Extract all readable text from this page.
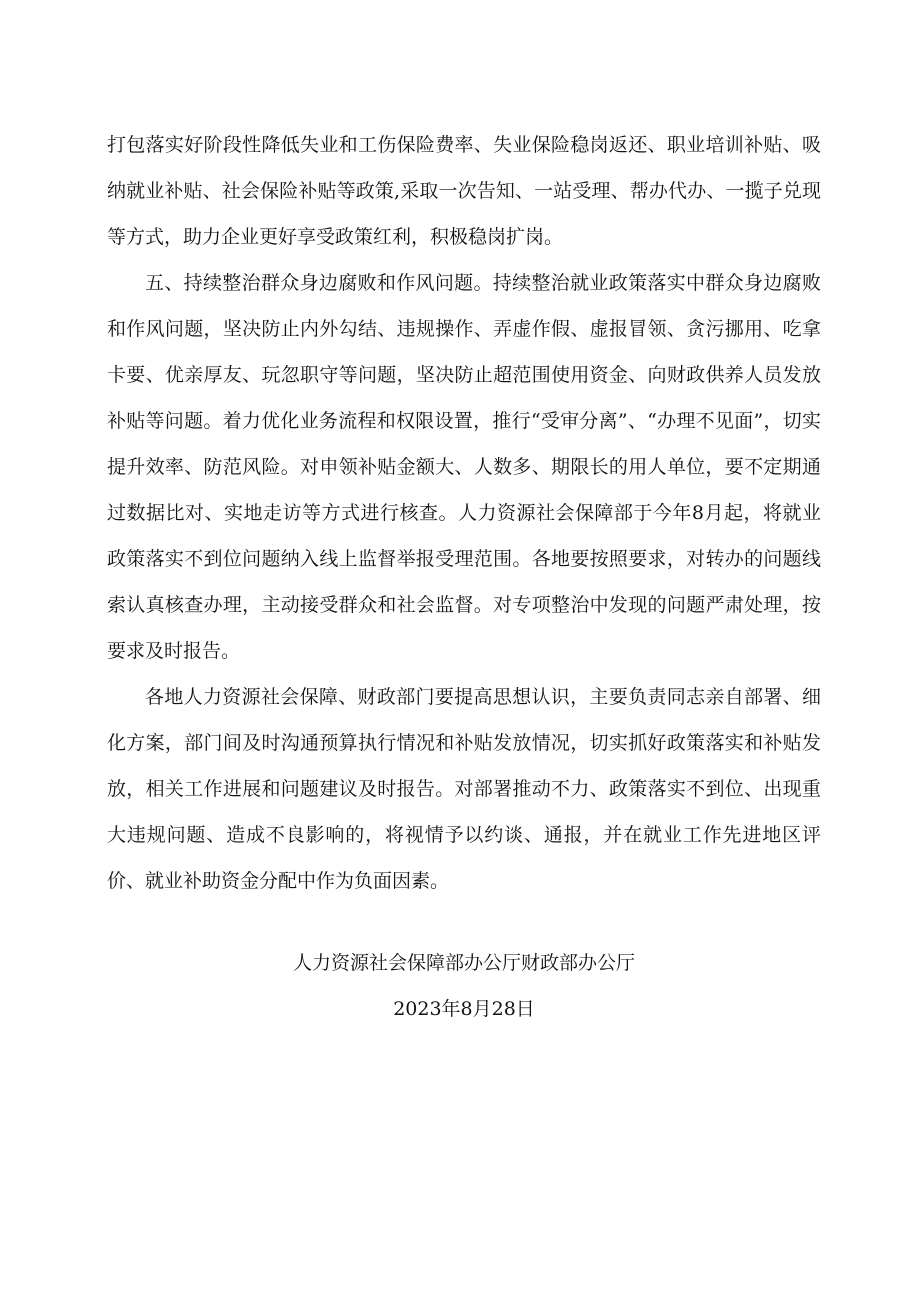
打包落实好阶段性降低失业和工伤保险费率、失业保险稳岗返还、职业培训补贴、吸纳就业补贴、社会保险补贴等政策,采取一次告知、一站受理、帮办代办、一揽子兑现等方式，助力企业更好享受政策红利，积极稳岗扩岗。

五、持续整治群众身边腐败和作风问题。持续整治就业政策落实中群众身边腐败和作风问题，坚决防止内外勾结、违规操作、弄虚作假、虚报冒领、贪污挪用、吃拿卡要、优亲厚友、玩忽职守等问题，坚决防止超范围使用资金、向财政供养人员发放补贴等问题。着力优化业务流程和权限设置，推行“受审分离”、“办理不见面”，切实提升效率、防范风险。对申领补贴金额大、人数多、期限长的用人单位，要不定期通过数据比对、实地走访等方式进行核查。人力资源社会保障部于今年8月起，将就业政策落实不到位问题纳入线上监督举报受理范围。各地要按照要求，对转办的问题线索认真核查办理，主动接受群众和社会监督。对专项整治中发现的问题严肃处理，按要求及时报告。

各地人力资源社会保障、财政部门要提高思想认识，主要负责同志亲自部署、细化方案，部门间及时沟通预算执行情况和补贴发放情况，切实抓好政策落实和补贴发放，相关工作进展和问题建议及时报告。对部署推动不力、政策落实不到位、出现重大违规问题、造成不良影响的，将视情予以约谈、通报，并在就业工作先进地区评价、就业补助资金分配中作为负面因素。

人力资源社会保障部办公厅财政部办公厅

2023年8月28日
